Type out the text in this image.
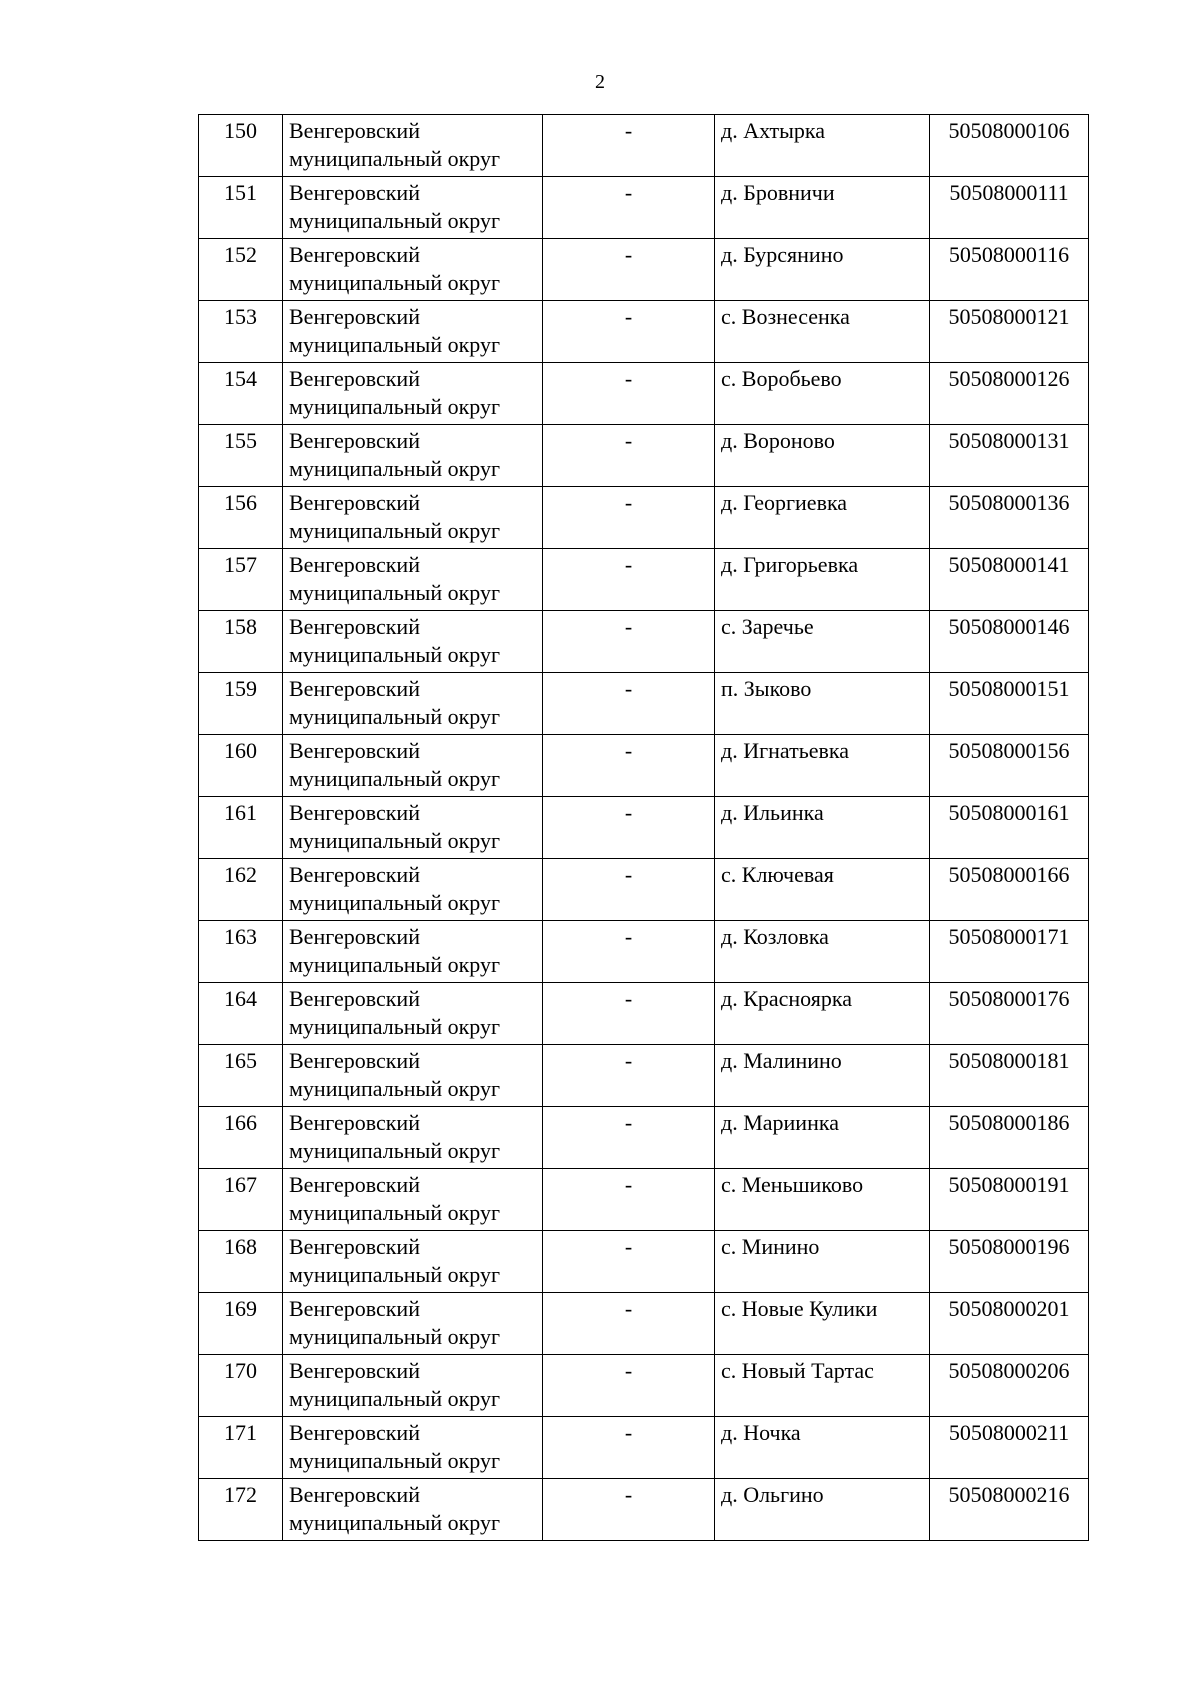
2
150	Венгеровский муниципальный округ	-	д. Ахтырка	50508000106
151	Венгеровский муниципальный округ	-	д. Бровничи	50508000111
152	Венгеровский муниципальный округ	-	д. Бурсянино	50508000116
153	Венгеровский муниципальный округ	-	с. Вознесенка	50508000121
154	Венгеровский муниципальный округ	-	с. Воробьево	50508000126
155	Венгеровский муниципальный округ	-	д. Вороново	50508000131
156	Венгеровский муниципальный округ	-	д. Георгиевка	50508000136
157	Венгеровский муниципальный округ	-	д. Григорьевка	50508000141
158	Венгеровский муниципальный округ	-	с. Заречье	50508000146
159	Венгеровский муниципальный округ	-	п. Зыково	50508000151
160	Венгеровский муниципальный округ	-	д. Игнатьевка	50508000156
161	Венгеровский муниципальный округ	-	д. Ильинка	50508000161
162	Венгеровский муниципальный округ	-	с. Ключевая	50508000166
163	Венгеровский муниципальный округ	-	д. Козловка	50508000171
164	Венгеровский муниципальный округ	-	д. Красноярка	50508000176
165	Венгеровский муниципальный округ	-	д. Малинино	50508000181
166	Венгеровский муниципальный округ	-	д. Мариинка	50508000186
167	Венгеровский муниципальный округ	-	с. Меньшиково	50508000191
168	Венгеровский муниципальный округ	-	с. Минино	50508000196
169	Венгеровский муниципальный округ	-	с. Новые Кулики	50508000201
170	Венгеровский муниципальный округ	-	с. Новый Тартас	50508000206
171	Венгеровский муниципальный округ	-	д. Ночка	50508000211
172	Венгеровский муниципальный округ	-	д. Ольгино	50508000216
